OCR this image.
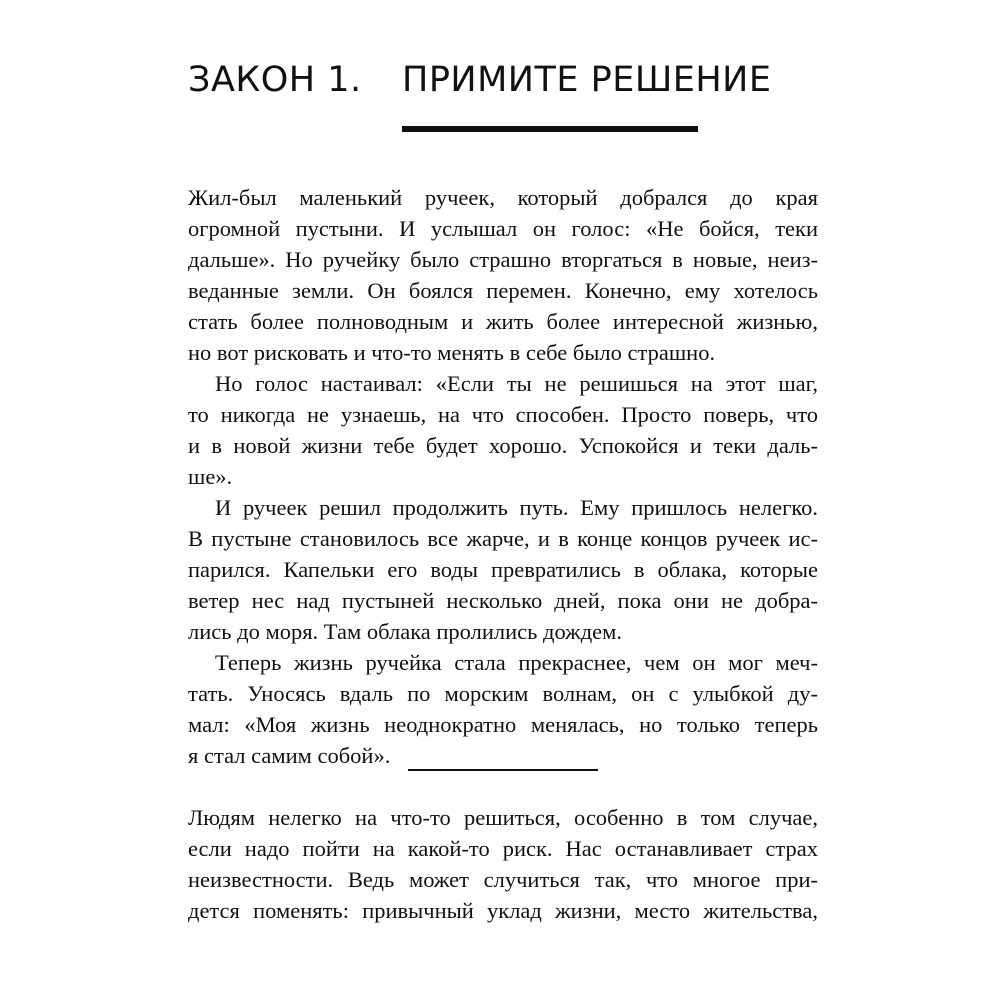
ЗАКОН 1. ПРИМИТЕ РЕШЕНИЕ
Жил-был маленький ручеек, который добрался до края
огромной пустыни. И услышал он голос: «Не бойся, теки
дальше». Но ручейку было страшно вторгаться в новые, неиз-
веданные земли. Он боялся перемен. Конечно, ему хотелось
стать более полноводным и жить более интересной жизнью,
но вот рисковать и что-то менять в себе было страшно.
Но голос настаивал: «Если ты не решишься на этот шаг,
то никогда не узнаешь, на что способен. Просто поверь, что
и в новой жизни тебе будет хорошо. Успокойся и теки даль-
ше».
И ручеек решил продолжить путь. Ему пришлось нелегко.
В пустыне становилось все жарче, и в конце концов ручеек ис-
парился. Капельки его воды превратились в облака, которые
ветер нес над пустыней несколько дней, пока они не добра-
лись до моря. Там облака пролились дождем.
Теперь жизнь ручейка стала прекраснее, чем он мог меч-
тать. Уносясь вдаль по морским волнам, он с улыбкой ду-
мал: «Моя жизнь неоднократно менялась, но только теперь
я стал самим собой».
Людям нелегко на что-то решиться, особенно в том случае,
если надо пойти на какой-то риск. Нас останавливает страх
неизвестности. Ведь может случиться так, что многое при-
дется поменять: привычный уклад жизни, место жительства,
